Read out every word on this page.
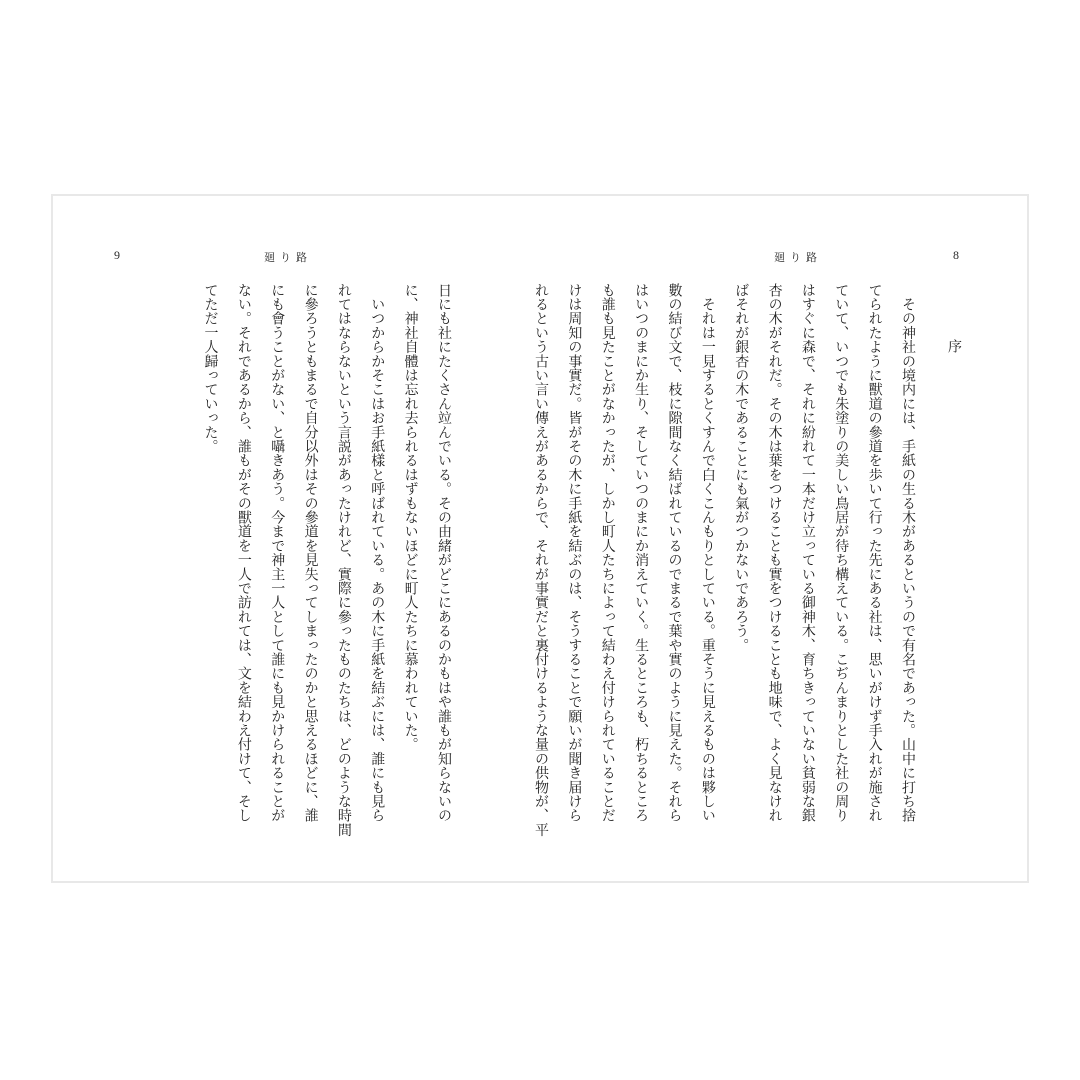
9	廻り路	廻り路	8

序

　その神社の境内には、手紙の生る木があるというので有名であった。山中に打ち捨

てられたように獸道の參道を歩いて行った先にある社は、思いがけず手入れが施され

ていて、いつでも朱塗りの美しい鳥居が待ち構えている。こぢんまりとした社の周り

はすぐに森で、それに紛れて一本だけ立っている御神木、育ちきっていない貧弱な銀

杏の木がそれだ。その木は葉をつけることも實をつけることも地味で、よく見なけれ

ばそれが銀杏の木であることにも氣がつかないであろう。

　それは一見するとくすんで白くこんもりとしている。重そうに見えるものは夥しい

數の結び文で、枝に隙間なく結ばれているのでまるで葉や實のように見えた。それら

はいつのまにか生り、そしていつのまにか消えていく。生るところも、朽ちるところ

も誰も見たことがなかったが、しかし町人たちによって結わえ付けられていることだ

けは周知の事實だ。皆がその木に手紙を結ぶのは、そうすることで願いが聞き届けら

れるという古い言い傳えがあるからで、それが事實だと裏付けるような量の供物が、平

日にも社にたくさん竝んでいる。その由緒がどこにあるのかもはや誰もが知らないの

に、神社自體は忘れ去られるはずもないほどに町人たちに慕われていた。

　いつからかそこはお手紙樣と呼ばれている。あの木に手紙を結ぶには、誰にも見ら

れてはならないという言説があったけれど、實際に參ったものたちは、どのような時間

に參ろうともまるで自分以外はその參道を見失ってしまったのかと思えるほどに、誰

にも會うことがない、と囁きあう。今まで神主一人として誰にも見かけられることが

ない。それであるから、誰もがその獸道を一人で訪れては、文を結わえ付けて、そし

てただ一人歸っていった。
